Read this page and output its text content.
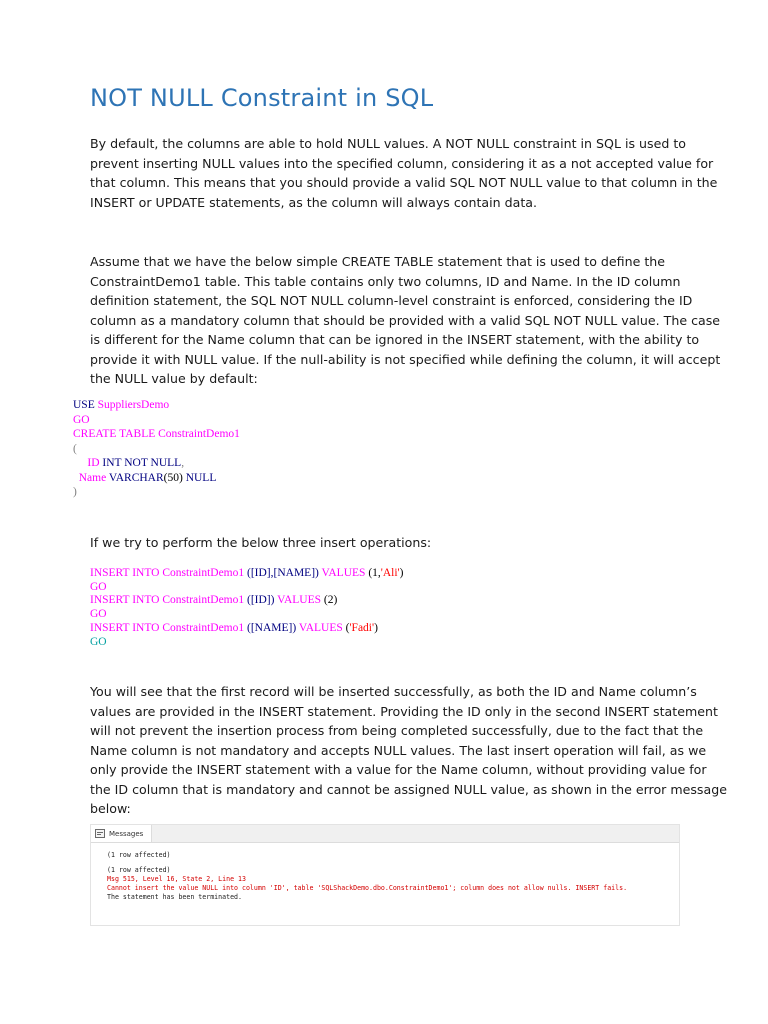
NOT NULL Constraint in SQL

By default, the columns are able to hold NULL values. A NOT NULL constraint in SQL is used to
prevent inserting NULL values into the specified column, considering it as a not accepted value for
that column. This means that you should provide a valid SQL NOT NULL value to that column in the
INSERT or UPDATE statements, as the column will always contain data.

Assume that we have the below simple CREATE TABLE statement that is used to define the
ConstraintDemo1 table. This table contains only two columns, ID and Name. In the ID column
definition statement, the SQL NOT NULL column-level constraint is enforced, considering the ID
column as a mandatory column that should be provided with a valid SQL NOT NULL value. The case
is different for the Name column that can be ignored in the INSERT statement, with the ability to
provide it with NULL value. If the null-ability is not specified while defining the column, it will accept
the NULL value by default:

USE SuppliersDemo
GO
CREATE TABLE ConstraintDemo1
(
ID INT NOT NULL,
Name VARCHAR(50) NULL
)

If we try to perform the below three insert operations:

INSERT INTO ConstraintDemo1 ([ID],[NAME]) VALUES (1,'Ali')
GO
INSERT INTO ConstraintDemo1 ([ID]) VALUES (2)
GO
INSERT INTO ConstraintDemo1 ([NAME]) VALUES ('Fadi')
GO

You will see that the first record will be inserted successfully, as both the ID and Name column’s
values are provided in the INSERT statement. Providing the ID only in the second INSERT statement
will not prevent the insertion process from being completed successfully, due to the fact that the
Name column is not mandatory and accepts NULL values. The last insert operation will fail, as we
only provide the INSERT statement with a value for the Name column, without providing value for
the ID column that is mandatory and cannot be assigned NULL value, as shown in the error message
below:

Messages
(1 row affected)
(1 row affected)
Msg 515, Level 16, State 2, Line 13
Cannot insert the value NULL into column 'ID', table 'SQLShackDemo.dbo.ConstraintDemo1'; column does not allow nulls. INSERT fails.
The statement has been terminated.
